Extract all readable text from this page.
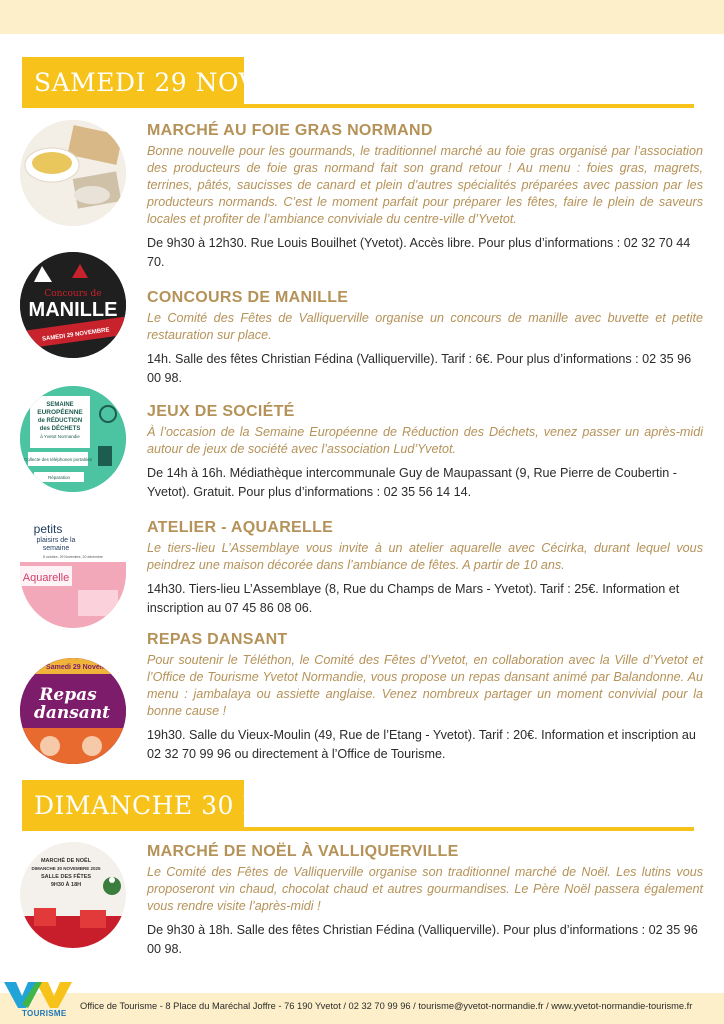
SAMEDI 29 NOVEMBRE
MARCHÉ AU FOIE GRAS NORMAND
Bonne nouvelle pour les gourmands, le traditionnel marché au foie gras organisé par l’association des producteurs de foie gras normand fait son grand retour ! Au menu : foies gras, magrets, terrines, pâtés, saucisses de canard et plein d’autres spécialités préparées avec passion par les producteurs normands. C’est le moment parfait pour préparer les fêtes, faire le plein de saveurs locales et profiter de l’ambiance conviviale du centre-ville d’Yvetot.
De 9h30 à 12h30. Rue Louis Bouilhet (Yvetot). Accès libre. Pour plus d’informations : 02 32 70 44 70.
Concours de
MANILLE
SAMEDI 29 NOVEMBRE
CONCOURS DE MANILLE
Le Comité des Fêtes de Valliquerville organise un concours de manille avec buvette et petite restauration sur place.
14h. Salle des fêtes Christian Fédina (Valliquerville). Tarif : 6€. Pour plus d’informations : 02 35 96 00 98.
SEMAINE
EUROPÉENNE
de RÉDUCTION
des DÉCHETS
à Yvetot Normandie
Collecte des téléphones portables
Réparation
JEUX DE SOCIÉTÉ
À l’occasion de la Semaine Européenne de Réduction des Déchets, venez passer un après-midi autour de jeux de société avec l’association Lud’Yvetot.
De 14h à 16h. Médiathèque intercommunale Guy de Maupassant (9, Rue Pierre de Coubertin - Yvetot). Gratuit. Pour plus d’informations : 02 35 56 14 14.
petits
plaisirs de la
semaine
8 octobre, 29 Novembre, 20 décembre
Aquarelle
ATELIER - AQUARELLE
Le tiers-lieu L’Assemblaye vous invite à un atelier aquarelle avec Cécirka, durant lequel vous peindrez une maison décorée dans l’ambiance de fêtes. A partir de 10 ans.
14h30. Tiers-lieu L’Assemblaye (8, Rue du Champs de Mars - Yvetot). Tarif : 25€. Information et inscription au 07 45 86 08 06.
Samedi 29 Novem
Repas
dansant
REPAS DANSANT
Pour soutenir le Téléthon, le Comité des Fêtes d’Yvetot, en collaboration avec la Ville d’Yvetot et l’Office de Tourisme Yvetot Normandie, vous propose un repas dansant animé par Balandonne. Au menu : jambalaya ou assiette anglaise. Venez nombreux partager un moment convivial pour la bonne cause !
19h30. Salle du Vieux-Moulin (49, Rue de l’Etang - Yvetot). Tarif : 20€. Information et inscription au 02 32 70 99 96 ou directement à l’Office de Tourisme.
DIMANCHE 30 NOVEMBRE
MARCHÉ DE NOËL
DIMANCHE 30 NOVEMBRE 2025
SALLE DES FÊTES
9H30 À 18H
MARCHÉ DE NOËL À VALLIQUERVILLE
Le Comité des Fêtes de Valliquerville organise son traditionnel marché de Noël. Les lutins vous proposeront vin chaud, chocolat chaud et autres gourmandises. Le Père Noël passera également vous rendre visite l’après-midi !
De 9h30 à 18h. Salle des fêtes Christian Fédina (Valliquerville). Pour plus d’informations : 02 35 96 00 98.
Office de Tourisme - 8 Place du Maréchal Joffre - 76 190 Yvetot / 02 32 70 99 96 / tourisme@yvetot-normandie.fr / www.yvetot-normandie-tourisme.fr
TOURISME
